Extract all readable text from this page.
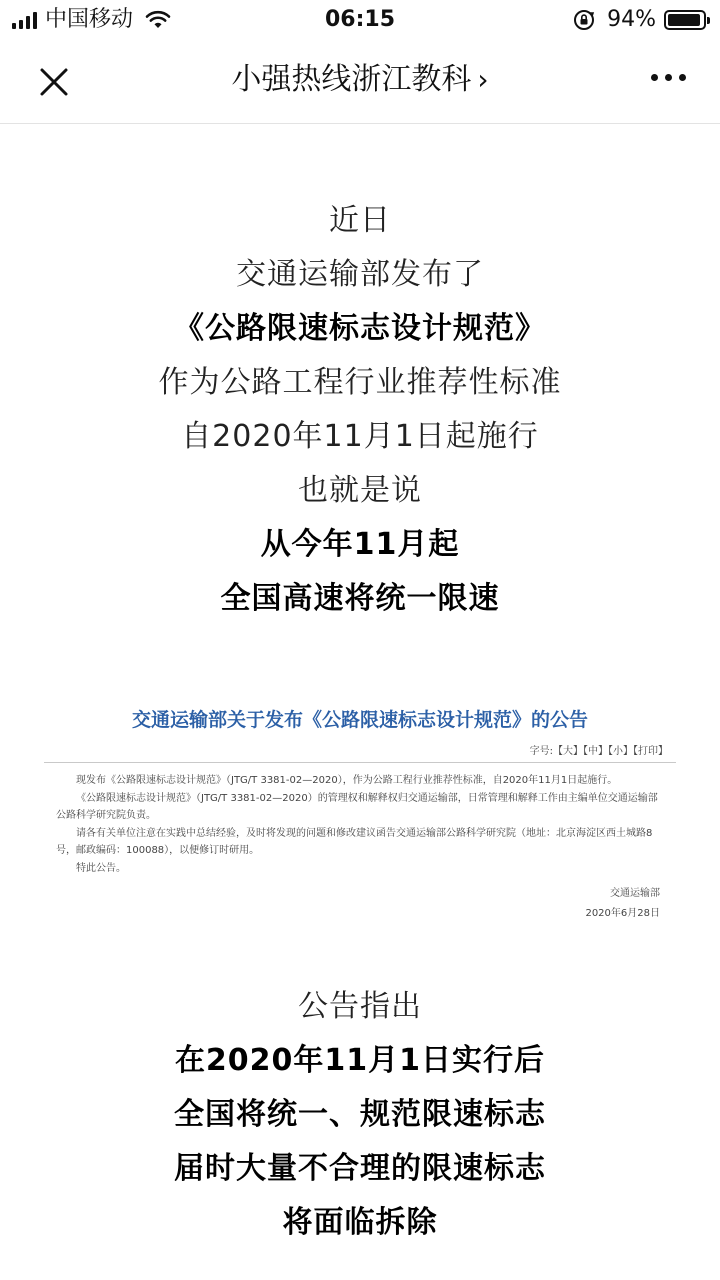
中国移动	06:15	94%
小强热线浙江教科 ›
近日
交通运输部发布了
《公路限速标志设计规范》
作为公路工程行业推荐性标准
自2020年11月1日起施行
也就是说
从今年11月起
全国高速将统一限速
交通运输部关于发布《公路限速标志设计规范》的公告
字号:【大】【中】【小】【打印】

现发布《公路限速标志设计规范》（JTG/T 3381-02—2020），作为公路工程行业推荐性标准，自2020年11月1日起施行。

《公路限速标志设计规范》（JTG/T 3381-02—2020）的管理权和解释权归交通运输部，日常管理和解释工作由主编单位交通运输部公路科学研究院负责。

请各有关单位注意在实践中总结经验，及时将发现的问题和修改建议函告交通运输部公路科学研究院（地址：北京海淀区西土城路8号，邮政编码：100088），以便修订时研用。

特此公告。

交通运输部
2020年6月28日
公告指出
在2020年11月1日实行后
全国将统一、规范限速标志
届时大量不合理的限速标志
将面临拆除
